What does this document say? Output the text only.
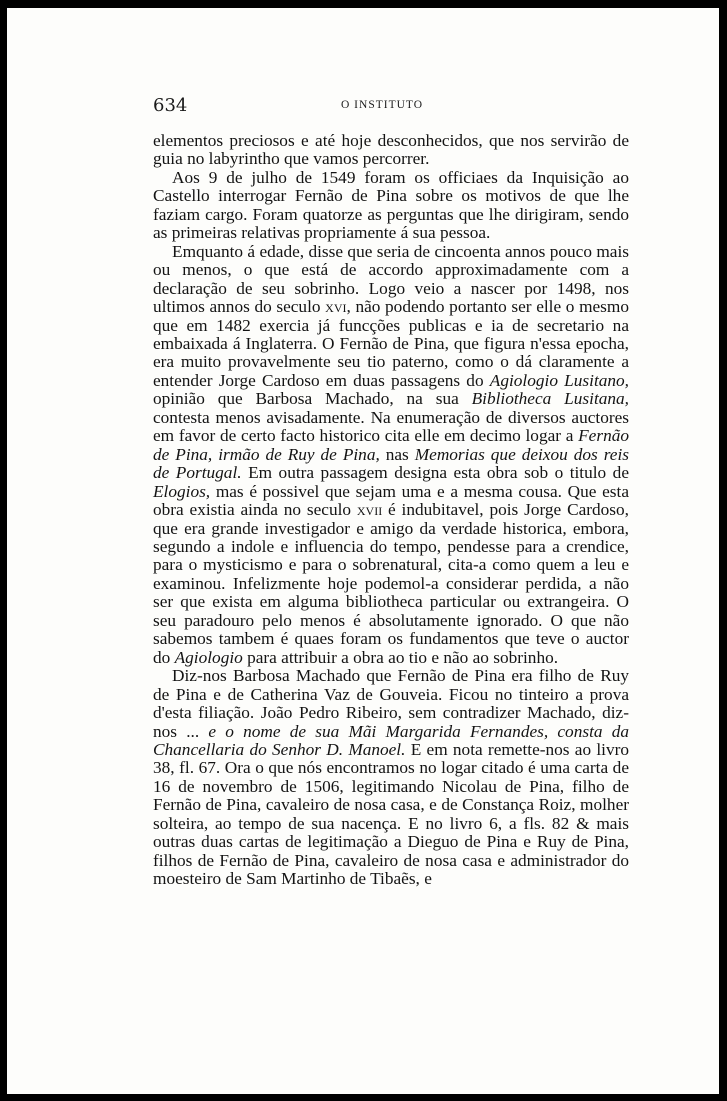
634	O INSTITUTO

elementos preciosos e até hoje desconhecidos, que nos servirão de guia no labyrintho que vamos percorrer.

Aos 9 de julho de 1549 foram os officiaes da Inquisição ao Castello interrogar Fernão de Pina sobre os motivos de que lhe faziam cargo. Foram quatorze as perguntas que lhe dirigiram, sendo as primeiras relativas propriamente á sua pessoa.

Emquanto á edade, disse que seria de cincoenta annos pouco mais ou menos, o que está de accordo approximadamente com a declaração de seu sobrinho. Logo veio a nascer por 1498, nos ultimos annos do seculo xvi, não podendo portanto ser elle o mesmo que em 1482 exercia já funcções publicas e ia de secretario na embaixada á Inglaterra. O Fernão de Pina, que figura n'essa epocha, era muito provavelmente seu tio paterno, como o dá claramente a entender Jorge Cardoso em duas passagens do Agiologio Lusitano, opinião que Barbosa Machado, na sua Bibliotheca Lusitana, contesta menos avisadamente. Na enumeração de diversos auctores em favor de certo facto historico cita elle em decimo logar a Fernão de Pina, irmão de Ruy de Pina, nas Memorias que deixou dos reis de Portugal. Em outra passagem designa esta obra sob o titulo de Elogios, mas é possivel que sejam uma e a mesma cousa. Que esta obra existia ainda no seculo xvii é indubitavel, pois Jorge Cardoso, que era grande investigador e amigo da verdade historica, embora, segundo a indole e influencia do tempo, pendesse para a crendice, para o mysticismo e para o sobrenatural, cita-a como quem a leu e examinou. Infelizmente hoje podemol-a considerar perdida, a não ser que exista em alguma bibliotheca particular ou extrangeira. O seu paradouro pelo menos é absolutamente ignorado. O que não sabemos tambem é quaes foram os fundamentos que teve o auctor do Agiologio para attribuir a obra ao tio e não ao sobrinho.

Diz-nos Barbosa Machado que Fernão de Pina era filho de Ruy de Pina e de Catherina Vaz de Gouveia. Ficou no tinteiro a prova d'esta filiação. João Pedro Ribeiro, sem contradizer Machado, diz-nos ... e o nome de sua Mãi Margarida Fernandes, consta da Chancellaria do Senhor D. Manoel. E em nota remette-nos ao livro 38, fl. 67. Ora o que nós encontramos no logar citado é uma carta de 16 de novembro de 1506, legitimando Nicolau de Pina, filho de Fernão de Pina, cavaleiro de nosa casa, e de Constança Roiz, molher solteira, ao tempo de sua nacença. E no livro 6, a fls. 82 & mais outras duas cartas de legitimação a Dieguo de Pina e Ruy de Pina, filhos de Fernão de Pina, cavaleiro de nosa casa e administrador do moesteiro de Sam Martinho de Tibaẽs, e
